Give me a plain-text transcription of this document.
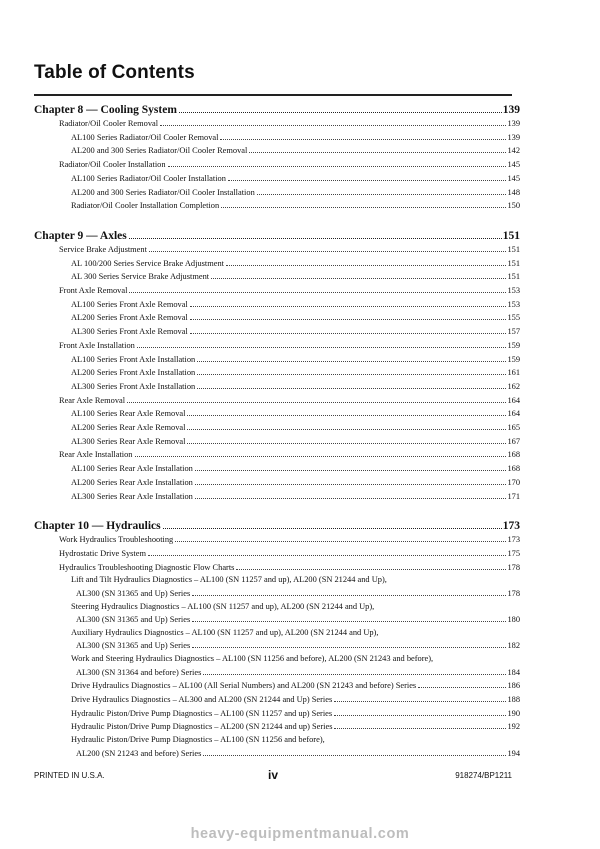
Table of Contents
Chapter 8 — Cooling System	139
Radiator/Oil Cooler Removal	139
AL100 Series Radiator/Oil Cooler Removal	139
AL200 and 300 Series Radiator/Oil Cooler Removal	142
Radiator/Oil Cooler Installation	145
AL100 Series Radiator/Oil Cooler Installation	145
AL200 and 300 Series Radiator/Oil Cooler Installation	148
Radiator/Oil Cooler Installation Completion	150
Chapter 9 — Axles	151
Service Brake Adjustment	151
AL 100/200 Series Service Brake Adjustment	151
AL 300 Series Service Brake Adjustment	151
Front Axle Removal	153
AL100 Series Front Axle Removal	153
AL200 Series Front Axle Removal	155
AL300 Series Front Axle Removal	157
Front Axle Installation	159
AL100 Series Front Axle Installation	159
AL200 Series Front Axle Installation	161
AL300 Series Front Axle Installation	162
Rear Axle Removal	164
AL100 Series Rear Axle Removal	164
AL200 Series Rear Axle Removal	165
AL300 Series Rear Axle Removal	167
Rear Axle Installation	168
AL100 Series Rear Axle Installation	168
AL200 Series Rear Axle Installation	170
AL300 Series Rear Axle Installation	171
Chapter 10 — Hydraulics	173
Work Hydraulics Troubleshooting	173
Hydrostatic Drive System	175
Hydraulics Troubleshooting Diagnostic Flow Charts	178
Lift and Tilt Hydraulics Diagnostics – AL100 (SN 11257 and up), AL200 (SN 21244 and Up),
AL300 (SN 31365 and Up) Series	178
Steering Hydraulics Diagnostics – AL100 (SN 11257 and up), AL200 (SN 21244 and Up),
AL300 (SN 31365 and Up) Series	180
Auxiliary Hydraulics Diagnostics – AL100 (SN 11257 and up), AL200 (SN 21244 and Up),
AL300 (SN 31365 and Up) Series	182
Work and Steering Hydraulics Diagnostics – AL100 (SN 11256 and before), AL200 (SN 21243 and before),
AL300 (SN 31364 and before) Series	184
Drive Hydraulics Diagnostics – AL100 (All Serial Numbers) and AL200 (SN 21243 and before) Series	186
Drive Hydraulics Diagnostics – AL300 and AL200 (SN 21244 and Up) Series	188
Hydraulic Piston/Drive Pump Diagnostics – AL100 (SN 11257 and up) Series	190
Hydraulic Piston/Drive Pump Diagnostics – AL200 (SN 21244 and up) Series	192
Hydraulic Piston/Drive Pump Diagnostics – AL100 (SN 11256 and before),
AL200 (SN 21243 and before) Series	194
PRINTED IN U.S.A.	iv	918274/BP1211
heavy-equipmentmanual.com
